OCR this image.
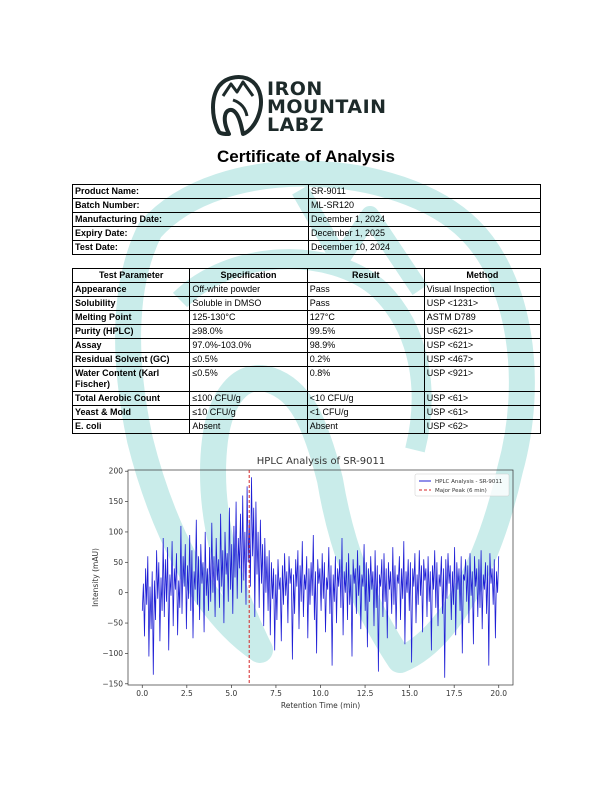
IRON
MOUNTAIN
LABZ
Certificate of Analysis
Product Name:	SR-9011
Batch Number:	ML-SR120
Manufacturing Date:	December 1, 2024
Expiry Date:	December 1, 2025
Test Date:	December 10, 2024
Test Parameter	Specification	Result	Method
Appearance	Off-white powder	Pass	Visual Inspection
Solubility	Soluble in DMSO	Pass	USP <1231>
Melting Point	125-130°C	127°C	ASTM D789
Purity (HPLC)	≥98.0%	99.5%	USP <621>
Assay	97.0%-103.0%	98.9%	USP <621>
Residual Solvent (GC)	≤0.5%	0.2%	USP <467>
Water Content (Karl Fischer)	≤0.5%	0.8%	USP <921>
Total Aerobic Count	≤100 CFU/g	<10 CFU/g	USP <61>
Yeast & Mold	≤10 CFU/g	<1 CFU/g	USP <61>
E. coli	Absent	Absent	USP <62>
HPLC Analysis of SR-9011
0.0	2.5	5.0	7.5	10.0	12.5	15.0	17.5	20.0
−150
−100
−50
0
50
100
150
200
HPLC Analysis - SR-9011
Major Peak (6 min)
Retention Time (min)
Intensity (mAU)
